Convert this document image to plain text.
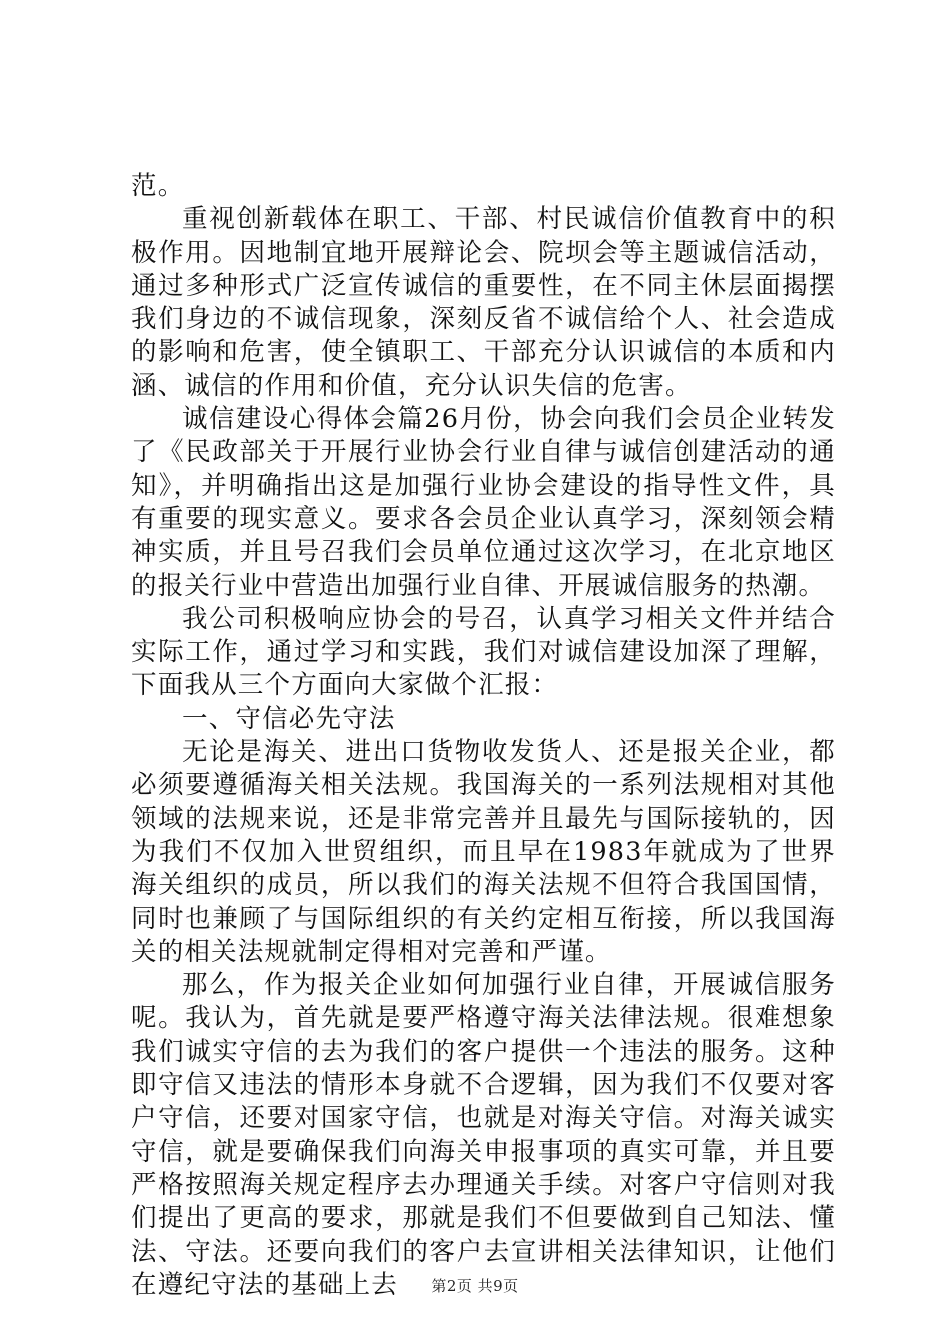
范。

重视创新载体在职工、干部、村民诚信价值教育中的积极作用。因地制宜地开展辩论会、院坝会等主题诚信活动，通过多种形式广泛宣传诚信的重要性，在不同主休层面揭摆我们身边的不诚信现象，深刻反省不诚信给个人、社会造成的影响和危害，使全镇职工、干部充分认识诚信的本质和内涵、诚信的作用和价值，充分认识失信的危害。

诚信建设心得体会篇26月份，协会向我们会员企业转发了《民政部关于开展行业协会行业自律与诚信创建活动的通知》，并明确指出这是加强行业协会建设的指导性文件，具有重要的现实意义。要求各会员企业认真学习，深刻领会精神实质，并且号召我们会员单位通过这次学习，在北京地区的报关行业中营造出加强行业自律、开展诚信服务的热潮。

我公司积极响应协会的号召，认真学习相关文件并结合实际工作，通过学习和实践，我们对诚信建设加深了理解，下面我从三个方面向大家做个汇报：

一、守信必先守法

无论是海关、进出口货物收发货人、还是报关企业，都必须要遵循海关相关法规。我国海关的一系列法规相对其他领域的法规来说，还是非常完善并且最先与国际接轨的，因为我们不仅加入世贸组织，而且早在1983年就成为了世界海关组织的成员，所以我们的海关法规不但符合我国国情，同时也兼顾了与国际组织的有关约定相互衔接，所以我国海关的相关法规就制定得相对完善和严谨。

那么，作为报关企业如何加强行业自律，开展诚信服务呢。我认为，首先就是要严格遵守海关法律法规。很难想象我们诚实守信的去为我们的客户提供一个违法的服务。这种即守信又违法的情形本身就不合逻辑，因为我们不仅要对客户守信，还要对国家守信，也就是对海关守信。对海关诚实守信，就是要确保我们向海关申报事项的真实可靠，并且要严格按照海关规定程序去办理通关手续。对客户守信则对我们提出了更高的要求，那就是我们不但要做到自己知法、懂法、守法。还要向我们的客户去宣讲相关法律知识，让他们在遵纪守法的基础上去	第2页 共9页
